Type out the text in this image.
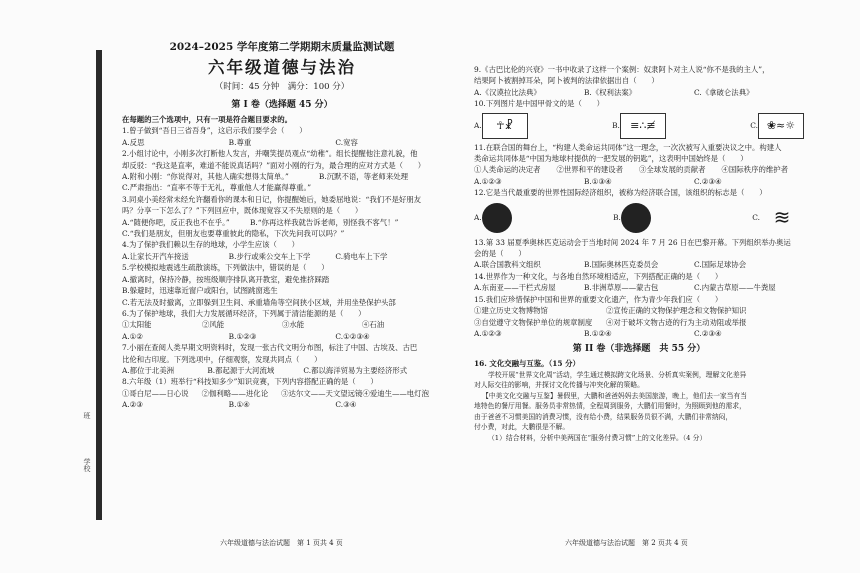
班
学校
2024–2025 学年度第二学期期末质量监测试题
六年级道德与法治
（时间：45 分钟　满分：100 分）
第 I 卷（选择题 45 分）
在每题的三个选项中，只有一项是符合题目要求的。
1.曾子做到“吾日三省吾身”，这启示我们要学会（　　）
A.反思	B.尊重	C.宽容
2.小组讨论中，小刚多次打断他人发言，并嘲笑提员观点“幼稚”。组长提醒他注意礼貌，他
却反驳：“我这是直率，难道不能说真话吗？”面对小刚的行为，最合理的应对方式是（　　）
A.附和小刚：“你说得对，其他人确实想得太简单。”	B.沉默不语，等老师来处理
C.严肃指出：“直率不等于无礼，尊重他人才能赢得尊重。”
3.同桌小美经常未经允许翻看你的课本和日记，你提醒她后，她委屈地说：“我们不是好朋友
吗？分享一下怎么了？”下列回应中，既体现宽容又不失原则的是（　　）
A.“随便你吧，反正我也不在乎。”	B.“你再这样我就告诉老师，别怪我不客气！”
C.“我们是朋友，但朋友也要尊重彼此的隐私，下次先问我可以吗？”
4.为了保护我们赖以生存的地球，小学生应该（　　）
A.让家长开汽车接送	B.步行或乘公交车上下学	C.骑电车上下学
5.学校模拟地震逃生疏散演练，下列做法中，错误的是（　　）
A.撤离时，保持冷静，按班级顺序排队离开教室，避免推挤踩踏
B.躲避时，迅速靠近窗户或阳台，试图跳窗逃生
C.若无法及时撤离，立即躲到卫生间、承重墙角等空间狭小区域，并用坐垫保护头部
6.为了保护地球，我们大力发展循环经济，下列属于清洁能源的是（　　）
①太阳能	②风能	③水能	④石油
A.①②	B.①②③	C.①②③④
7.小丽在查阅人类早期文明资料时，发现一张古代文明分布图，标注了中国、古埃及、古巴
比伦和古印度。下列选项中，仔细观察，发现共同点（　　）
A.都位于北美洲	B.都起源于大河流域	C.都以海洋贸易为主要经济形式
8.六年级（1）班举行“科技知多少”知识竞赛，下列内容搭配正确的是（　　）
①哥白尼——日心说	②伽利略——进化论	③达尔文——天文望远镜 ④爱迪生——电灯泡
A.②③	B.①④	C.③④
六年级道德与法治试题　第 1 页共 4 页
9.《古巴比伦的兴衰》一书中收录了这样一个案例：奴隶阿卜对主人说“你不是我的主人”，
结果阿卜被割掉耳朵，阿卜被判的法律依据出自（　　）
A.《汉谟拉比法典》	B.《权利法案》	C.《拿破仑法典》
10.下列图片是中国甲骨文的是（　　）
A.	☥☧	B. ≡∴≢	C. ❀≈☼
11.在联合国的舞台上，“构建人类命运共同体”这一理念，一次次被写入重要决议之中。构建人
类命运共同体是“中国为地球村提供的一把发展的钥匙”，这表明中国始终是（　　）
①人类命运的决定者	②世界和平的建设者	③全球发展的贡献者	④国际秩序的维护者
A.①②③	B.①③④	C.②③④
12.它是当代最重要的世界性国际经济组织，被称为经济联合国，该组织的标志是（　　）
A.	B.	C. ≋
13.第 33 届夏季奥林匹克运动会于当地时间 2024 年 7 月 26 日在巴黎开幕。下列组织举办奥运
会的是（　　）
A.联合国教科文组织	B.国际奥林匹克委员会	C.国际足球协会
14.世界作为一种文化，与各地自然环境相适应，下列搭配正确的是（　　）
A.东南亚——干栏式房屋	B.非洲草原——蒙古包	C.内蒙古草原——牛粪屋
15.我们应珍惜保护中国和世界的重要文化遗产，作为青少年我们应（　　）
①建立历史文物博物馆	②宣传正确的文物保护理念和文物保护知识
③自觉遵守文物保护单位的规章制度	④对于破坏文物古迹的行为主动劝阻或举报
A.①②③	B.①②④	C.②③④
第 II 卷（非选择题　共 55 分）
16. 文化交融与互鉴。（15 分）
学校开展“世界文化周”活动，学生通过模拟跨文化场景、分析真实案例，理解文化差异
对人际交往的影响，并探讨文化传播与冲突化解的策略。
【中美文化交融与互鉴】暑假里，大鹏和爸爸妈妈去美国旅游，晚上，他们去一家当有当
地特色的餐厅用餐。服务员非常热情，全程周到服务，大鹏们用餐时，为照顾到他的需求，
由于爸爸不习惯美国的消费习惯，没有给小费，结果服务员很不满，大鹏们非常纳闷，
付小费，对此，大鹏很是不解。
（1）结合材料，分析中美两国在“服务付费习惯”上的文化差异。（4 分）
六年级道德与法治试题　第 2 页共 4 页
